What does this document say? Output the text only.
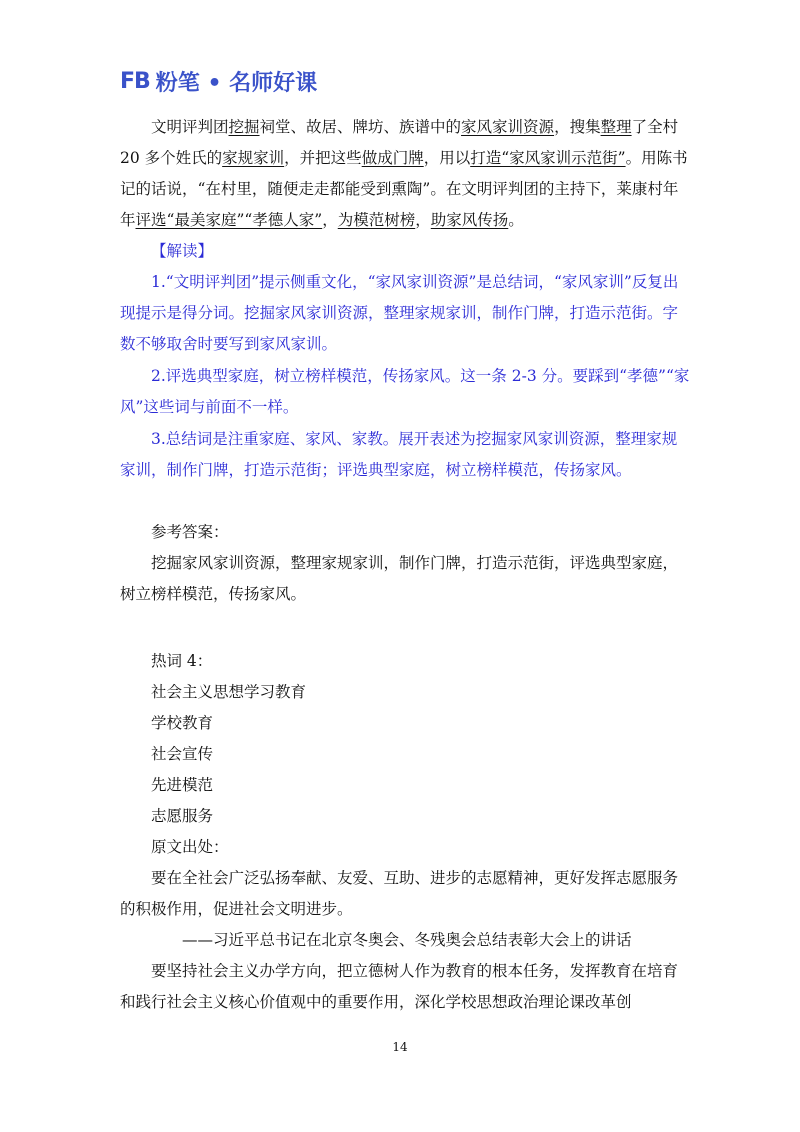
FB 粉笔 • 名师好课
文明评判团挖掘祠堂、故居、牌坊、族谱中的家风家训资源，搜集整理了全村 20 多个姓氏的家规家训，并把这些做成门牌，用以打造“家风家训示范街”。用陈书记的话说，“在村里，随便走走都能受到熏陶”。在文明评判团的主持下，莱康村年年评选“最美家庭”“孝德人家”，为模范树榜，助家风传扬。
【解读】
1.“文明评判团”提示侧重文化，“家风家训资源”是总结词，“家风家训”反复出现提示是得分词。挖掘家风家训资源，整理家规家训，制作门牌，打造示范街。字数不够取舍时要写到家风家训。
2.评选典型家庭，树立榜样模范，传扬家风。这一条 2-3 分。要踩到“孝德”“家风”这些词与前面不一样。
3.总结词是注重家庭、家风、家教。展开表述为挖掘家风家训资源，整理家规家训，制作门牌，打造示范街；评选典型家庭，树立榜样模范，传扬家风。
参考答案：
挖掘家风家训资源，整理家规家训，制作门牌，打造示范街，评选典型家庭，树立榜样模范，传扬家风。
热词 4：
社会主义思想学习教育
学校教育
社会宣传
先进模范
志愿服务
原文出处：
要在全社会广泛弘扬奉献、友爱、互助、进步的志愿精神，更好发挥志愿服务的积极作用，促进社会文明进步。
——习近平总书记在北京冬奥会、冬残奥会总结表彰大会上的讲话
要坚持社会主义办学方向，把立德树人作为教育的根本任务，发挥教育在培育和践行社会主义核心价值观中的重要作用，深化学校思想政治理论课改革创
14
